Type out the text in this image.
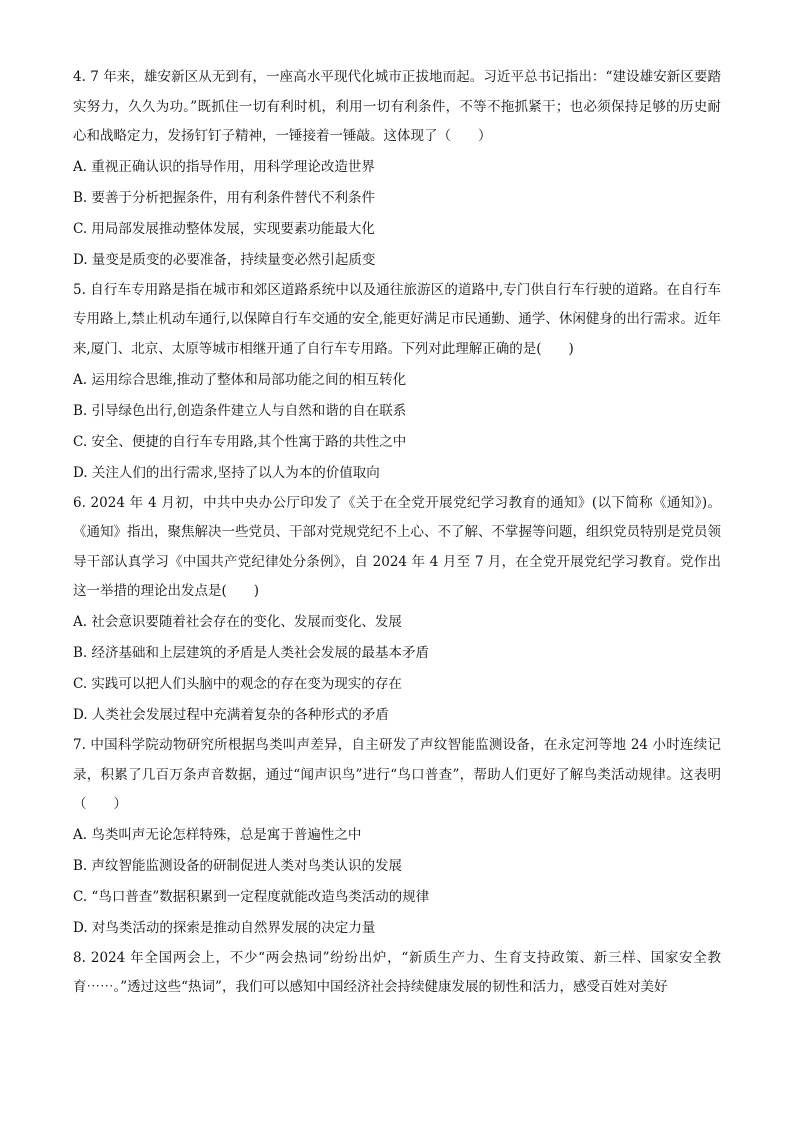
4. 7 年来，雄安新区从无到有，一座高水平现代化城市正拔地而起。习近平总书记指出：“建设雄安新区要踏实努力，久久为功。”既抓住一切有利时机，利用一切有利条件，不等不拖抓紧干；也必须保持足够的历史耐心和战略定力，发扬钉钉子精神，一锤接着一锤敲。这体现了（　　）

A. 重视正确认识的指导作用，用科学理论改造世界

B. 要善于分析把握条件，用有利条件替代不利条件

C. 用局部发展推动整体发展，实现要素功能最大化

D. 量变是质变的必要准备，持续量变必然引起质变

5. 自行车专用路是指在城市和郊区道路系统中以及通往旅游区的道路中,专门供自行车行驶的道路。在自行车专用路上,禁止机动车通行,以保障自行车交通的安全,能更好满足市民通勤、通学、休闲健身的出行需求。近年来,厦门、北京、太原等城市相继开通了自行车专用路。下列对此理解正确的是(　　)

A. 运用综合思维,推动了整体和局部功能之间的相互转化

B. 引导绿色出行,创造条件建立人与自然和谐的自在联系

C. 安全、便捷的自行车专用路,其个性寓于路的共性之中

D. 关注人们的出行需求,坚持了以人为本的价值取向

6. 2024 年 4 月初，中共中央办公厅印发了《关于在全党开展党纪学习教育的通知》(以下简称《通知》)。《通知》指出，聚焦解决一些党员、干部对党规党纪不上心、不了解、不掌握等问题，组织党员特别是党员领导干部认真学习《中国共产党纪律处分条例》，自 2024 年 4 月至 7 月，在全党开展党纪学习教育。党作出这一举措的理论出发点是(　　)

A. 社会意识要随着社会存在的变化、发展而变化、发展

B. 经济基础和上层建筑的矛盾是人类社会发展的最基本矛盾

C. 实践可以把人们头脑中的观念的存在变为现实的存在

D. 人类社会发展过程中充满着复杂的各种形式的矛盾

7. 中国科学院动物研究所根据鸟类叫声差异，自主研发了声纹智能监测设备，在永定河等地 24 小时连续记录，积累了几百万条声音数据，通过“闻声识鸟”进行“鸟口普查”，帮助人们更好了解鸟类活动规律。这表明（　　）

A. 鸟类叫声无论怎样特殊，总是寓于普遍性之中

B. 声纹智能监测设备的研制促进人类对鸟类认识的发展

C. “鸟口普查”数据积累到一定程度就能改造鸟类活动的规律

D. 对鸟类活动的探索是推动自然界发展的决定力量

8. 2024 年全国两会上，不少“两会热词”纷纷出炉，“新质生产力、生育支持政策、新三样、国家安全教育⋯⋯。”透过这些“热词”，我们可以感知中国经济社会持续健康发展的韧性和活力，感受百姓对美好
